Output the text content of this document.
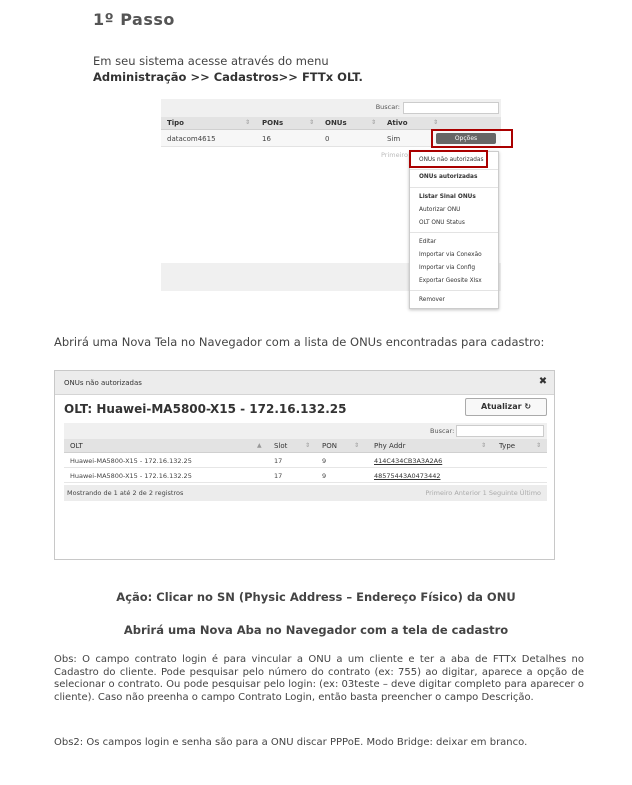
1º Passo
Em seu sistema acesse através do menu
Administração >> Cadastros>> FTTx OLT.
Buscar:
Tipo	⇕ PONs	⇕ ONUs	⇕ Ativo	⇕
datacom4615	16	0	Sim	Opções
Primeiro
ONUs não autorizadas
ONUs autorizadas
Listar Sinal ONUs
Autorizar ONU
OLT ONU Status
Editar
Importar via Conexão
Importar via Config
Exportar Geosite Xlsx
Remover
Abrirá uma Nova Tela no Navegador com a lista de ONUs encontradas para cadastro:
ONUs não autorizadas	✖
OLT: Huawei-MA5800-X15 - 172.16.132.25	Atualizar ↻
Buscar:
OLT	▲ Slot	⇕ PON	⇕ Phy Addr	⇕ Type	⇕
Huawei-MA5800-X15 - 172.16.132.25	17	9	414C434CB3A3A2A6
Huawei-MA5800-X15 - 172.16.132.25	17	9	48575443A0473442
Mostrando de 1 até 2 de 2 registros	Primeiro Anterior 1 Seguinte Último
Ação: Clicar no SN (Physic Address – Endereço Físico) da ONU
Abrirá uma Nova Aba no Navegador com a tela de cadastro
Obs: O campo contrato login é para vincular a ONU a um cliente e ter a aba de FTTx Detalhes no Cadastro do cliente. Pode pesquisar pelo número do contrato (ex: 755) ao digitar, aparece a opção de selecionar o contrato. Ou pode pesquisar pelo login: (ex: 03teste – deve digitar completo para aparecer o cliente). Caso não preenha o campo Contrato Login, então basta preencher o campo Descrição.
Obs2: Os campos login e senha são para a ONU discar PPPoE. Modo Bridge: deixar em branco.
